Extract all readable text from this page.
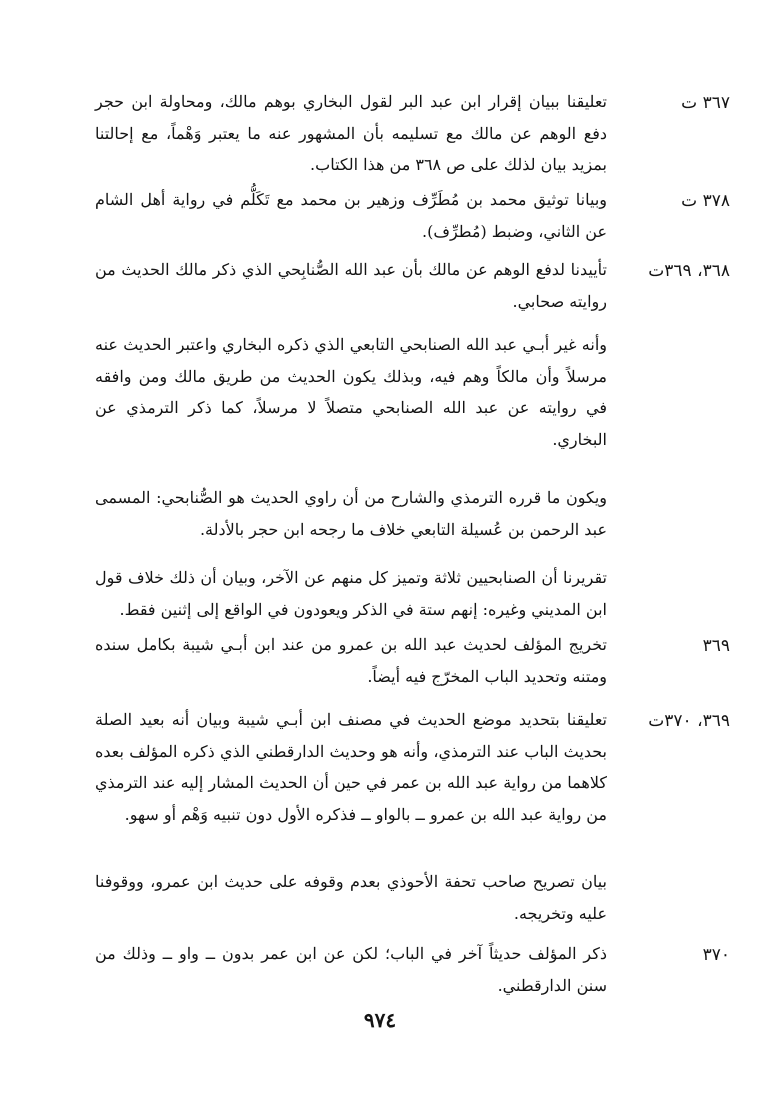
٣٦٧ ت
تعليقنا ببيان إقرار ابن عبد البر لقول البخاري بوهم مالك، ومحاولة ابن حجر دفع الوهم عن مالك مع تسليمه بأن المشهور عنه ما يعتبر وَهْماً، مع إحالتنا بمزيد بيان لذلك على ص ٣٦٨ من هذا الكتاب.
٣٧٨ ت
وبيانا توثيق محمد بن مُطَرِّف وزهير بن محمد مع تَكَلُّم في رواية أهل الشام عن الثاني، وضبط (مُطرِّف).
٣٦٨، ٣٦٩ت
تأييدنا لدفع الوهم عن مالك بأن عبد الله الصُّنابِحي الذي ذكر مالك الحديث من روايته صحابي.
وأنه غير أبـي عبد الله الصنابحي التابعي الذي ذكره البخاري واعتبر الحديث عنه مرسلاً وأن مالكاً وهم فيه، وبذلك يكون الحديث من طريق مالك ومن وافقه في روايته عن عبد الله الصنابحي متصلاً لا مرسلاً، كما ذكر الترمذي عن البخاري.
ويكون ما قرره الترمذي والشارح من أن راوي الحديث هو الصُّنابحي: المسمى عبد الرحمن بن عُسيلة التابعي خلاف ما رجحه ابن حجر بالأدلة.
تقريرنا أن الصنابحيين ثلاثة وتميز كل منهم عن الآخر، وبيان أن ذلك خلاف قول ابن المديني وغيره: إنهم ستة في الذكر ويعودون في الواقع إلى إثنين فقط.
٣٦٩
تخريج المؤلف لحديث عبد الله بن عمرو من عند ابن أبـي شيبة بكامل سنده ومتنه وتحديد الباب المخرّج فيه أيضاً.
٣٦٩، ٣٧٠ت
تعليقنا بتحديد موضع الحديث في مصنف ابن أبـي شيبة وبيان أنه بعيد الصلة بحديث الباب عند الترمذي، وأنه هو وحديث الدارقطني الذي ذكره المؤلف بعده كلاهما من رواية عبد الله بن عمر في حين أن الحديث المشار إليه عند الترمذي من رواية عبد الله بن عمرو ــ بالواو ــ فذكره الأول دون تنبيه وَهْم أو سهو.
بيان تصريح صاحب تحفة الأحوذي بعدم وقوفه على حديث ابن عمرو، ووقوفنا عليه وتخريجه.
٣٧٠
ذكر المؤلف حديثاً آخر في الباب؛ لكن عن ابن عمر بدون ــ واو ــ وذلك من سنن الدارقطني.
٩٧٤
